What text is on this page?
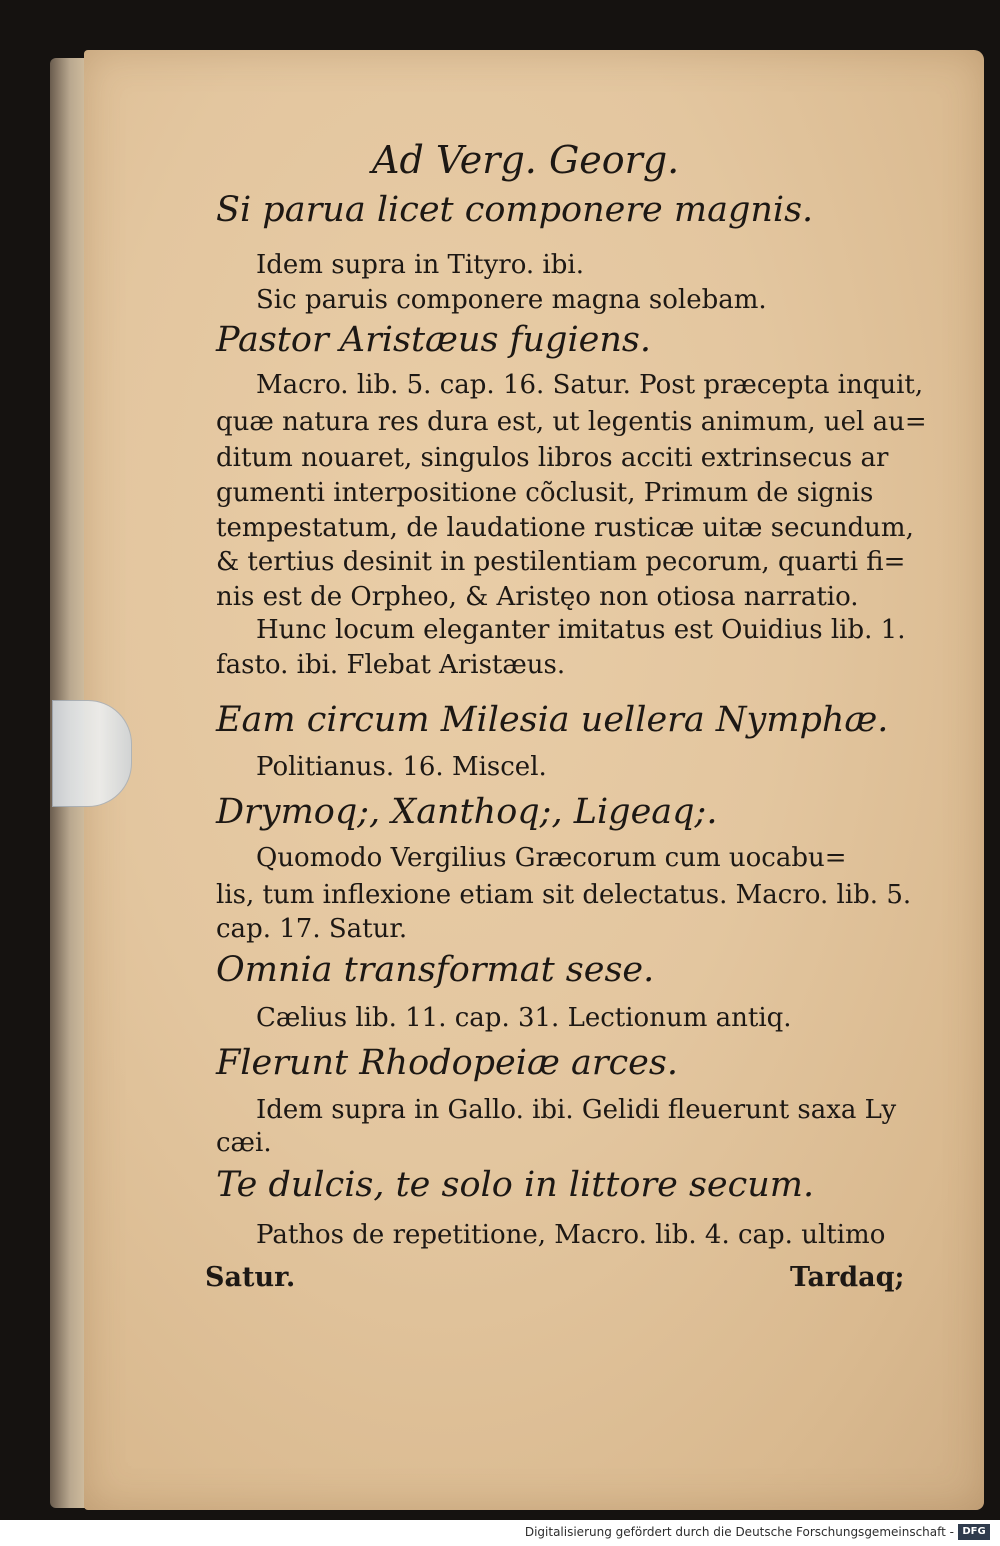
Ad Verg. Georg.

Si parua licet componere magnis.

Idem supra in Tityro. ibi.

Sic paruis componere magna solebam.

Pastor Aristæus fugiens.

Macro. lib. 5. cap. 16. Satur. Post præcepta inquit,

quæ natura res dura est, ut legentis animum, uel au=

ditum nouaret, singulos libros acciti extrinsecus ar

gumenti interpositione cõclusit, Primum de signis

tempestatum, de laudatione rusticæ uitæ secundum,

& tertius desinit in pestilentiam pecorum, quarti fi=

nis est de Orpheo, & Aristęo non otiosa narratio.

Hunc locum eleganter imitatus est Ouidius lib. 1.

fasto. ibi. Flebat Aristæus.

Eam circum Milesia uellera Nymphæ.

Politianus. 16. Miscel.

Drymoq;, Xanthoq;, Ligeaq;.

Quomodo Vergilius Græcorum cum uocabu=

lis, tum inflexione etiam sit delectatus. Macro. lib. 5.

cap. 17. Satur.

Omnia transformat sese.

Cælius lib. 11. cap. 31. Lectionum antiq.

Flerunt Rhodopeiæ arces.

Idem supra in Gallo. ibi. Gelidi fleuerunt saxa Ly

cæi.

Te dulcis, te solo in littore secum.

Pathos de repetitione, Macro. lib. 4. cap. ultimo

Satur.	Tardaq;

Digitalisierung gefördert durch die Deutsche Forschungsgemeinschaft - DFG
